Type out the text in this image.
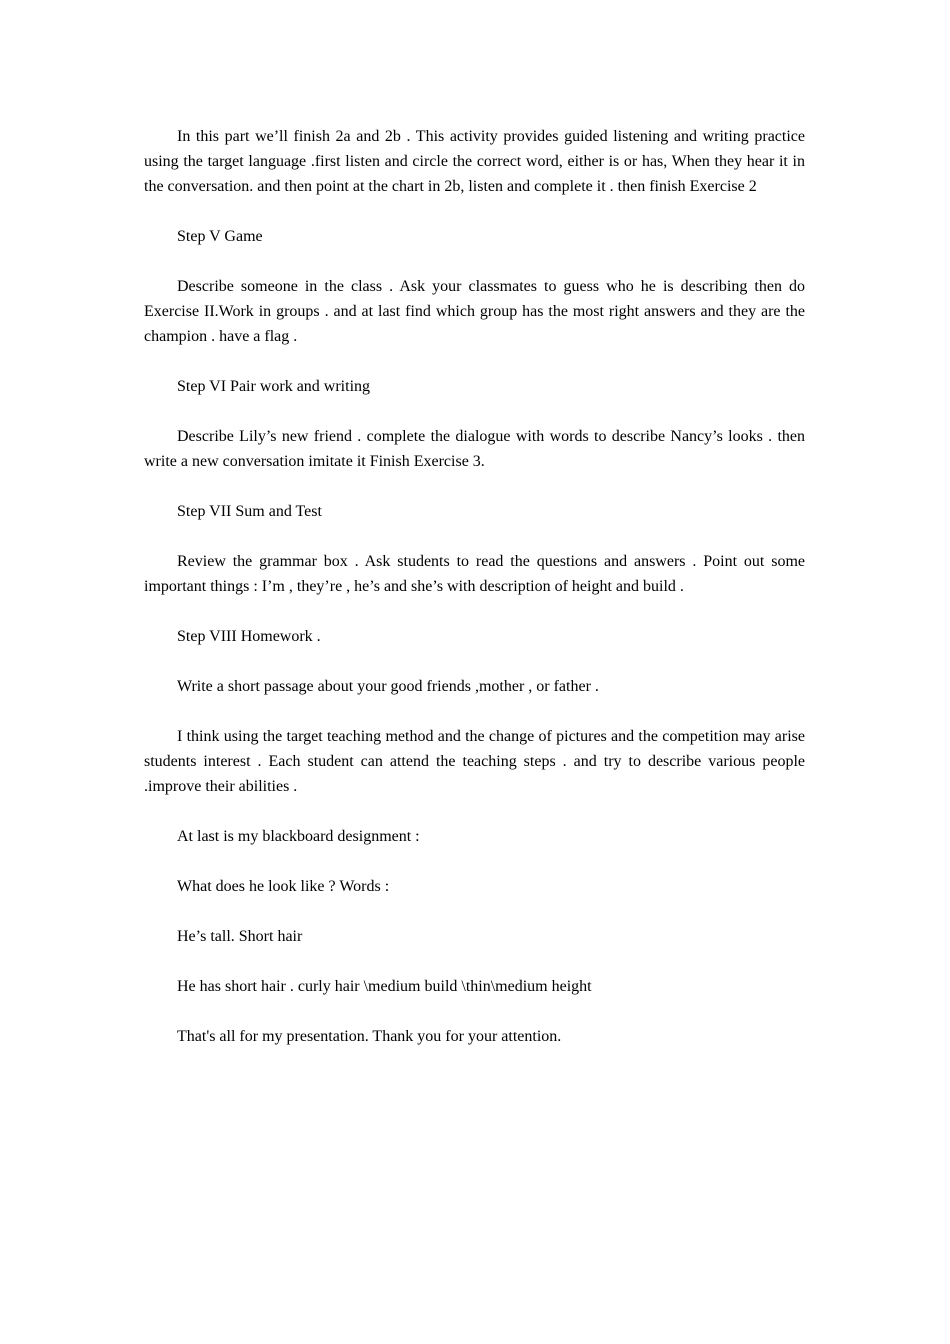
In this part we’ll finish 2a and 2b . This activity provides guided listening and writing practice using the target language .first listen and circle the correct word, either is or has, When they hear it in the conversation. and then point at the chart in 2b, listen and complete it . then finish Exercise 2

Step V Game

Describe someone in the class . Ask your classmates to guess who he is describing then do Exercise II.Work in groups . and at last find which group has the most right answers and they are the champion . have a flag .

Step VI Pair work and writing

Describe Lily’s new friend . complete the dialogue with words to describe Nancy’s looks . then write a new conversation imitate it Finish Exercise 3.

Step VII Sum and Test

Review the grammar box . Ask students to read the questions and answers . Point out some important things : I’m , they’re , he’s and she’s with description of height and build .

Step VIII Homework .

Write a short passage about your good friends ,mother , or father .

I think using the target teaching method and the change of pictures and the competition may arise students interest . Each student can attend the teaching steps . and try to describe various people .improve their abilities .

At last is my blackboard designment :

What does he look like ? Words :

He’s tall. Short hair

He has short hair . curly hair \medium build \thin\medium height

That's all for my presentation. Thank you for your attention.
